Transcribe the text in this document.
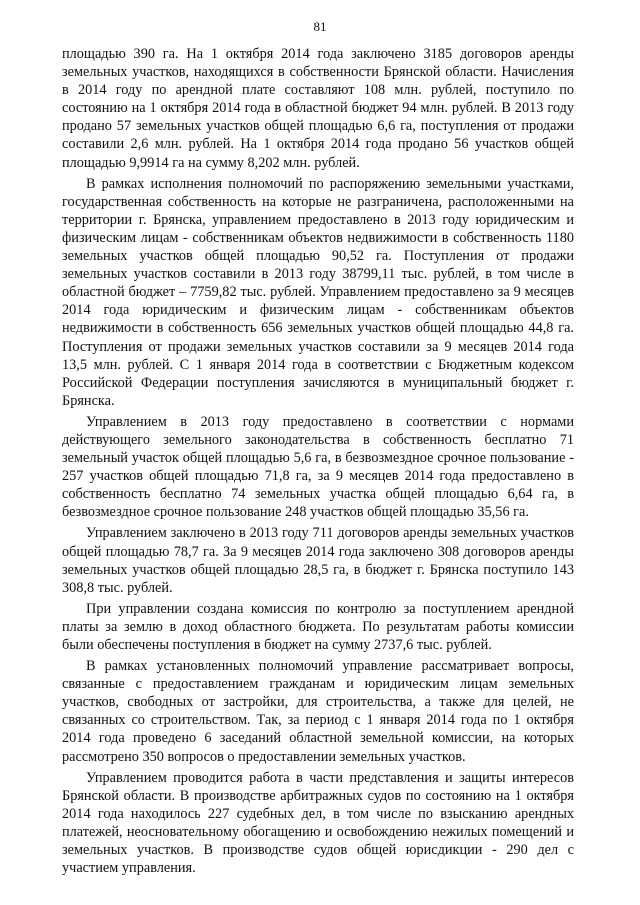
81

площадью 390 га. На 1 октября 2014 года заключено 3185 договоров аренды земельных участков, находящихся в собственности Брянской области. Начисления в 2014 году по арендной плате составляют 108 млн. рублей, поступило по состоянию на 1 октября 2014 года в областной бюджет 94 млн. рублей. В 2013 году продано 57 земельных участков общей площадью 6,6 га, поступления от продажи составили 2,6 млн. рублей. На 1 октября 2014 года продано 56 участков общей площадью 9,9914 га на сумму 8,202 млн. рублей.

В рамках исполнения полномочий по распоряжению земельными участками, государственная собственность на которые не разграничена, расположенными на территории г. Брянска, управлением предоставлено в 2013 году юридическим и физическим лицам - собственникам объектов недвижимости в собственность 1180 земельных участков общей площадью 90,52 га. Поступления от продажи земельных участков составили в 2013 году 38799,11 тыс. рублей, в том числе в областной бюджет – 7759,82 тыс. рублей. Управлением предоставлено за 9 месяцев 2014 года юридическим и физическим лицам - собственникам объектов недвижимости в собственность 656 земельных участков общей площадью 44,8 га. Поступления от продажи земельных участков составили за 9 месяцев 2014 года 13,5 млн. рублей. С 1 января 2014 года в соответствии с Бюджетным кодексом Российской Федерации поступления зачисляются в муниципальный бюджет г. Брянска.

Управлением в 2013 году предоставлено в соответствии с нормами действующего земельного законодательства в собственность бесплатно 71 земельный участок общей площадью 5,6 га, в безвозмездное срочное пользование - 257 участков общей площадью 71,8 га, за 9 месяцев 2014 года предоставлено в собственность бесплатно 74 земельных участка общей площадью 6,64 га, в безвозмездное срочное пользование 248 участков общей площадью 35,56 га.

Управлением заключено в 2013 году 711 договоров аренды земельных участков общей площадью 78,7 га. За 9 месяцев 2014 года заключено 308 договоров аренды земельных участков общей площадью 28,5 га, в бюджет г. Брянска поступило 143 308,8 тыс. рублей.

При управлении создана комиссия по контролю за поступлением арендной платы за землю в доход областного бюджета. По результатам работы комиссии были обеспечены поступления в бюджет на сумму 2737,6 тыс. рублей.

В рамках установленных полномочий управление рассматривает вопросы, связанные с предоставлением гражданам и юридическим лицам земельных участков, свободных от застройки, для строительства, а также для целей, не связанных со строительством. Так, за период с 1 января 2014 года по 1 октября 2014 года проведено 6 заседаний областной земельной комиссии, на которых рассмотрено 350 вопросов о предоставлении земельных участков.

Управлением проводится работа в части представления и защиты интересов Брянской области. В производстве арбитражных судов по состоянию на 1 октября 2014 года находилось 227 судебных дел, в том числе по взысканию арендных платежей, неосновательному обогащению и освобождению нежилых помещений и земельных участков. В производстве судов общей юрисдикции - 290 дел с участием управления.
